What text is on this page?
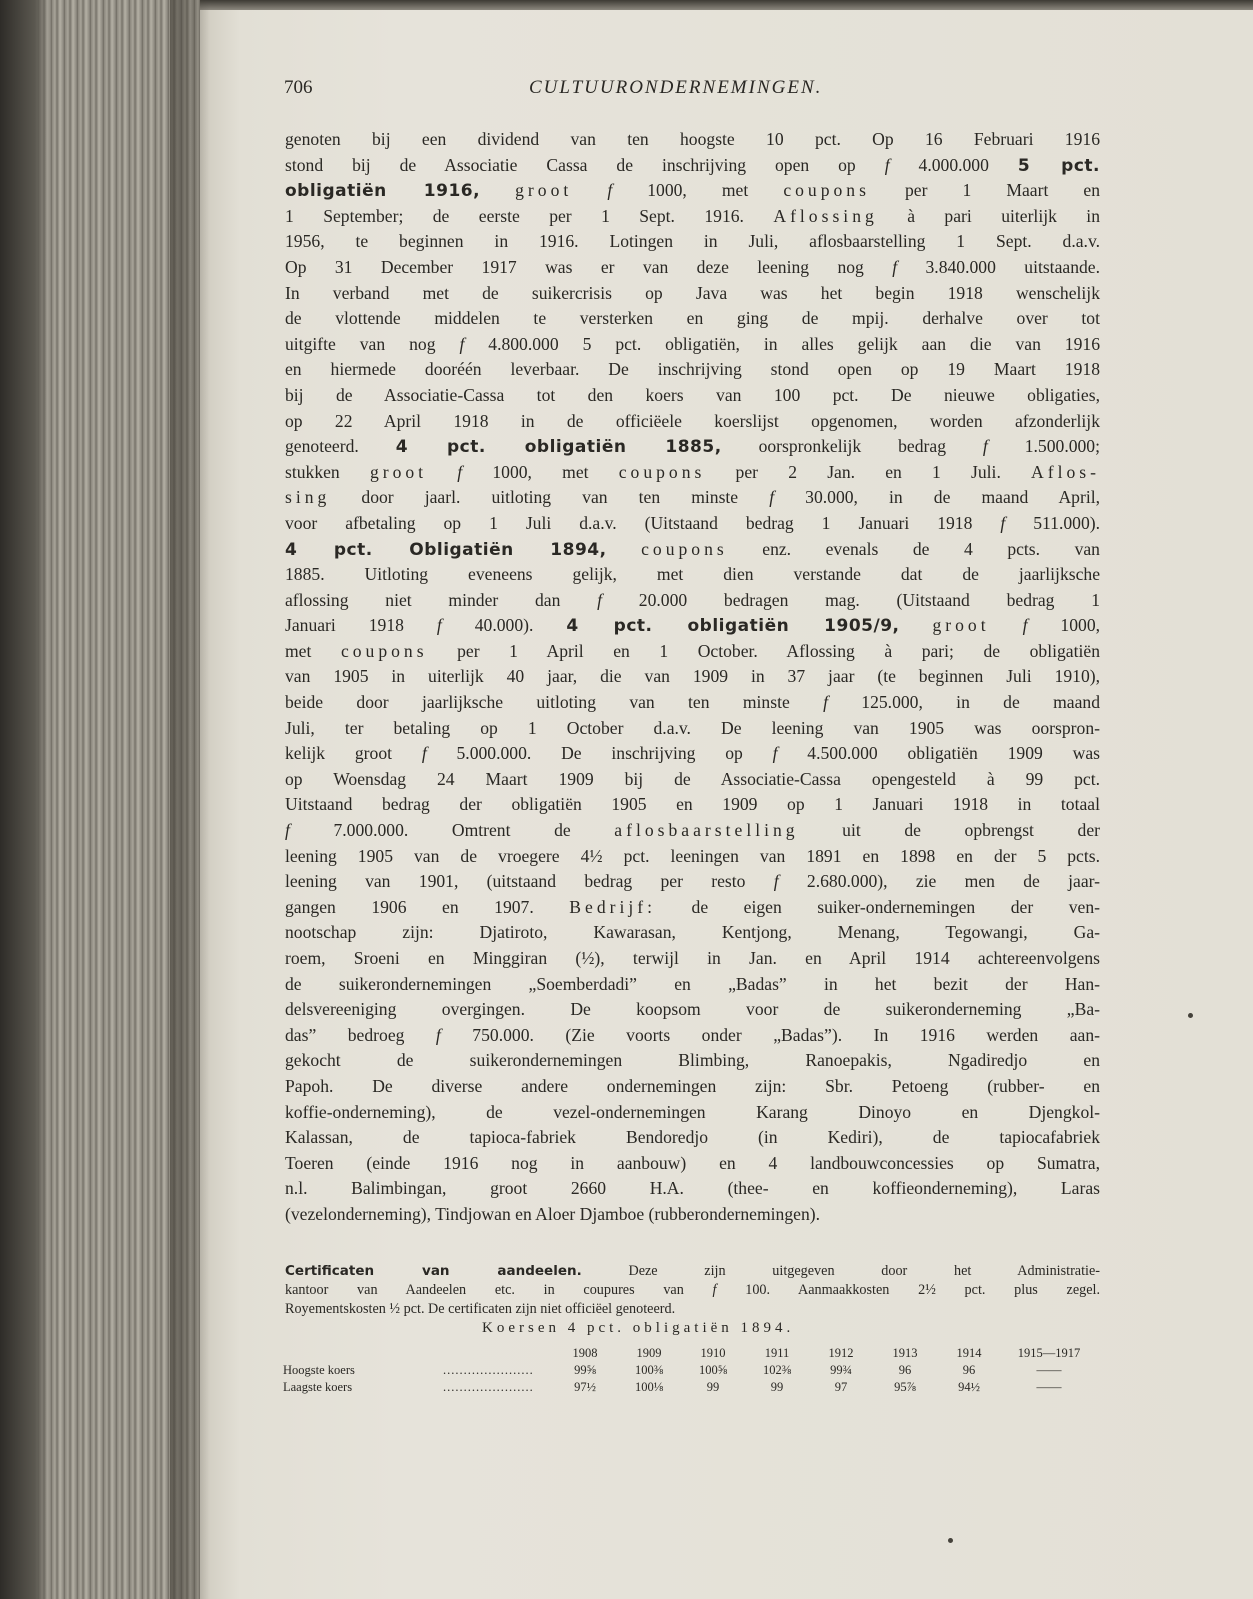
706	CULTUURONDERNEMINGEN.
genoten bij een dividend van ten hoogste 10 pct. Op 16 Februari 1916
stond bij de Associatie Cassa de inschrijving open op f 4.000.000 5 pct.
obligatiën 1916, groot f 1000, met coupons per 1 Maart en
1 September; de eerste per 1 Sept. 1916. Aflossing à pari uiterlijk in
1956, te beginnen in 1916. Lotingen in Juli, aflosbaarstelling 1 Sept. d.a.v.
Op 31 December 1917 was er van deze leening nog f 3.840.000 uitstaande.
In verband met de suikercrisis op Java was het begin 1918 wenschelijk
de vlottende middelen te versterken en ging de mpij. derhalve over tot
uitgifte van nog f 4.800.000 5 pct. obligatiën, in alles gelijk aan die van 1916
en hiermede dooréén leverbaar. De inschrijving stond open op 19 Maart 1918
bij de Associatie-Cassa tot den koers van 100 pct. De nieuwe obligaties,
op 22 April 1918 in de officiëele koerslijst opgenomen, worden afzonderlijk
genoteerd. 4 pct. obligatiën 1885, oorspronkelijk bedrag f 1.500.000;
stukken groot f 1000, met coupons per 2 Jan. en 1 Juli. Aflos-
sing door jaarl. uitloting van ten minste f 30.000, in de maand April,
voor afbetaling op 1 Juli d.a.v. (Uitstaand bedrag 1 Januari 1918 f 511.000).
4 pct. Obligatiën 1894, coupons enz. evenals de 4 pcts. van
1885. Uitloting eveneens gelijk, met dien verstande dat de jaarlijksche
aflossing niet minder dan f 20.000 bedragen mag. (Uitstaand bedrag 1
Januari 1918 f 40.000). 4 pct. obligatiën 1905/9, groot f 1000,
met coupons per 1 April en 1 October. Aflossing à pari; de obligatiën
van 1905 in uiterlijk 40 jaar, die van 1909 in 37 jaar (te beginnen Juli 1910),
beide door jaarlijksche uitloting van ten minste f 125.000, in de maand
Juli, ter betaling op 1 October d.a.v. De leening van 1905 was oorspron-
kelijk groot f 5.000.000. De inschrijving op f 4.500.000 obligatiën 1909 was
op Woensdag 24 Maart 1909 bij de Associatie-Cassa opengesteld à 99 pct.
Uitstaand bedrag der obligatiën 1905 en 1909 op 1 Januari 1918 in totaal
f 7.000.000. Omtrent de aflosbaarstelling uit de opbrengst der
leening 1905 van de vroegere 4½ pct. leeningen van 1891 en 1898 en der 5 pcts.
leening van 1901, (uitstaand bedrag per resto f 2.680.000), zie men de jaar-
gangen 1906 en 1907. Bedrijf: de eigen suiker-ondernemingen der ven-
nootschap zijn: Djatiroto, Kawarasan, Kentjong, Menang, Tegowangi, Ga-
roem, Sroeni en Minggiran (½), terwijl in Jan. en April 1914 achtereenvolgens
de suikerondernemingen „Soemberdadi” en „Badas” in het bezit der Han-
delsvereeniging overgingen. De koopsom voor de suikeronderneming „Ba-
das” bedroeg f 750.000. (Zie voorts onder „Badas”). In 1916 werden aan-
gekocht de suikerondernemingen Blimbing, Ranoepakis, Ngadiredjo en
Papoh. De diverse andere ondernemingen zijn: Sbr. Petoeng (rubber- en
koffie-onderneming), de vezel-ondernemingen Karang Dinoyo en Djengkol-
Kalassan, de tapioca-fabriek Bendoredjo (in Kediri), de tapiocafabriek
Toeren (einde 1916 nog in aanbouw) en 4 landbouwconcessies op Sumatra,
n.l. Balimbingan, groot 2660 H.A. (thee- en koffieonderneming), Laras
(vezelonderneming), Tindjowan en Aloer Djamboe (rubberondernemingen).
Certificaten van aandeelen. Deze zijn uitgegeven door het Administratie-
kantoor van Aandeelen etc. in coupures van f 100. Aanmaakkosten 2½ pct. plus zegel.
Royementskosten ½ pct. De certificaten zijn niet officiëel genoteerd.
Koersen 4 pct. obligatiën 1894.
		1908	1909	1910	1911	1912	1913	1914	1915—1917
Hoogste koers	......................	99⅝	100⅜	100⅝	102⅜	99¾	96	96	——
Laagste koers	......................	97½	100⅛	99	99	97	95⅞	94½	——
